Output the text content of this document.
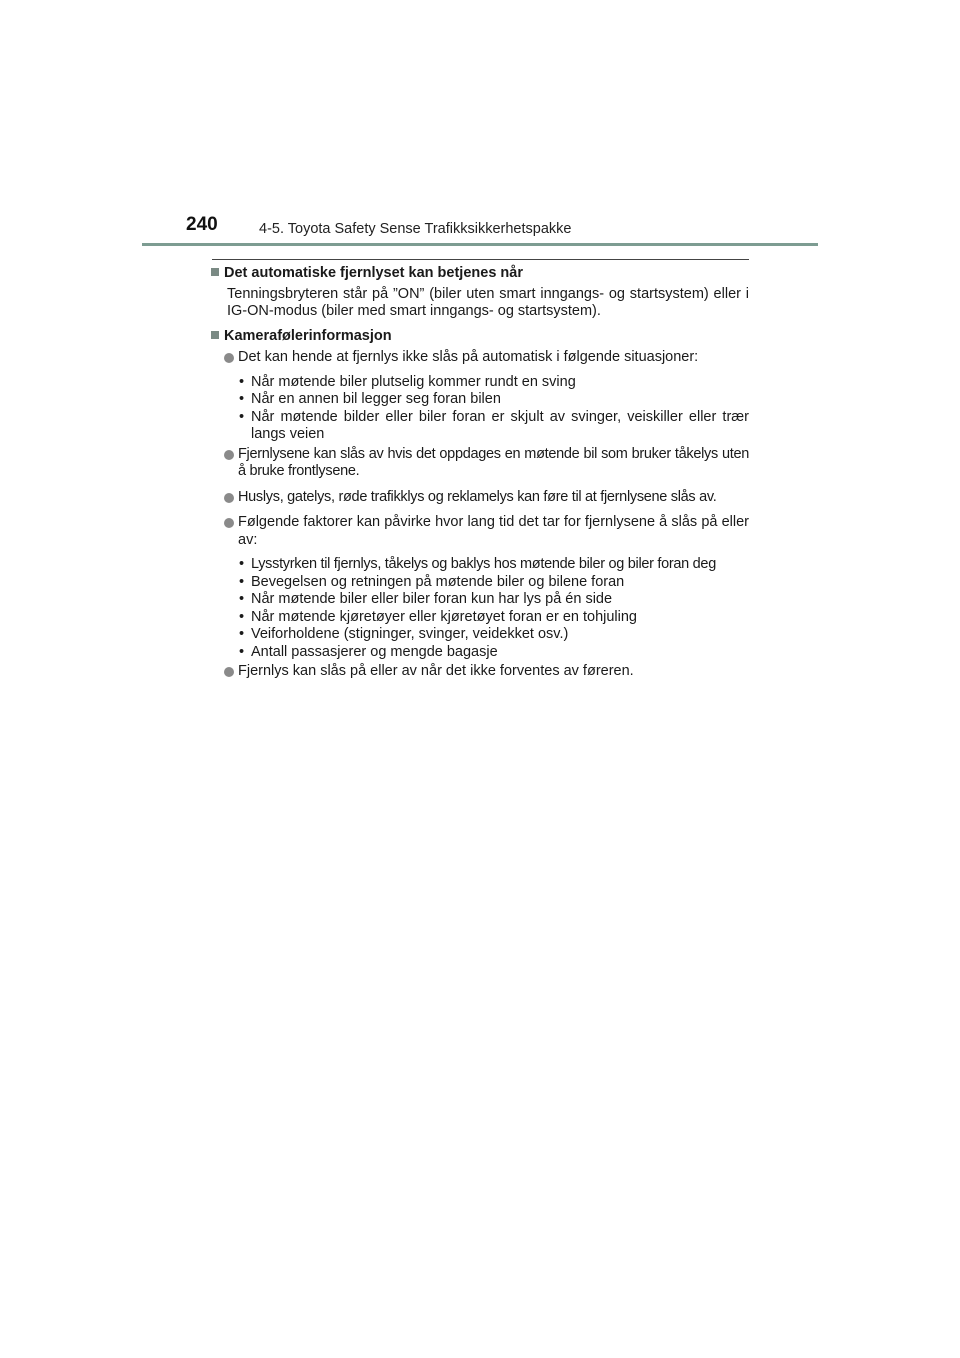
240	4-5. Toyota Safety Sense Trafikksikkerhetspakke

Det automatiske fjernlyset kan betjenes når

Tenningsbryteren står på ”ON” (biler uten smart inngangs- og startsystem) eller i IG-ON-modus (biler med smart inngangs- og startsystem).

Kamerafølerinformasjon

Det kan hende at fjernlys ikke slås på automatisk i følgende situasjoner:

• Når møtende biler plutselig kommer rundt en sving
• Når en annen bil legger seg foran bilen
• Når møtende bilder eller biler foran er skjult av svinger, veiskiller eller trær langs veien

Fjernlysene kan slås av hvis det oppdages en møtende bil som bruker tåkelys uten å bruke frontlysene.

Huslys, gatelys, røde trafikklys og reklamelys kan føre til at fjernlysene slås av.

Følgende faktorer kan påvirke hvor lang tid det tar for fjernlysene å slås på eller av:

• Lysstyrken til fjernlys, tåkelys og baklys hos møtende biler og biler foran deg
• Bevegelsen og retningen på møtende biler og bilene foran
• Når møtende biler eller biler foran kun har lys på én side
• Når møtende kjøretøyer eller kjøretøyet foran er en tohjuling
• Veiforholdene (stigninger, svinger, veidekket osv.)
• Antall passasjerer og mengde bagasje

Fjernlys kan slås på eller av når det ikke forventes av føreren.
